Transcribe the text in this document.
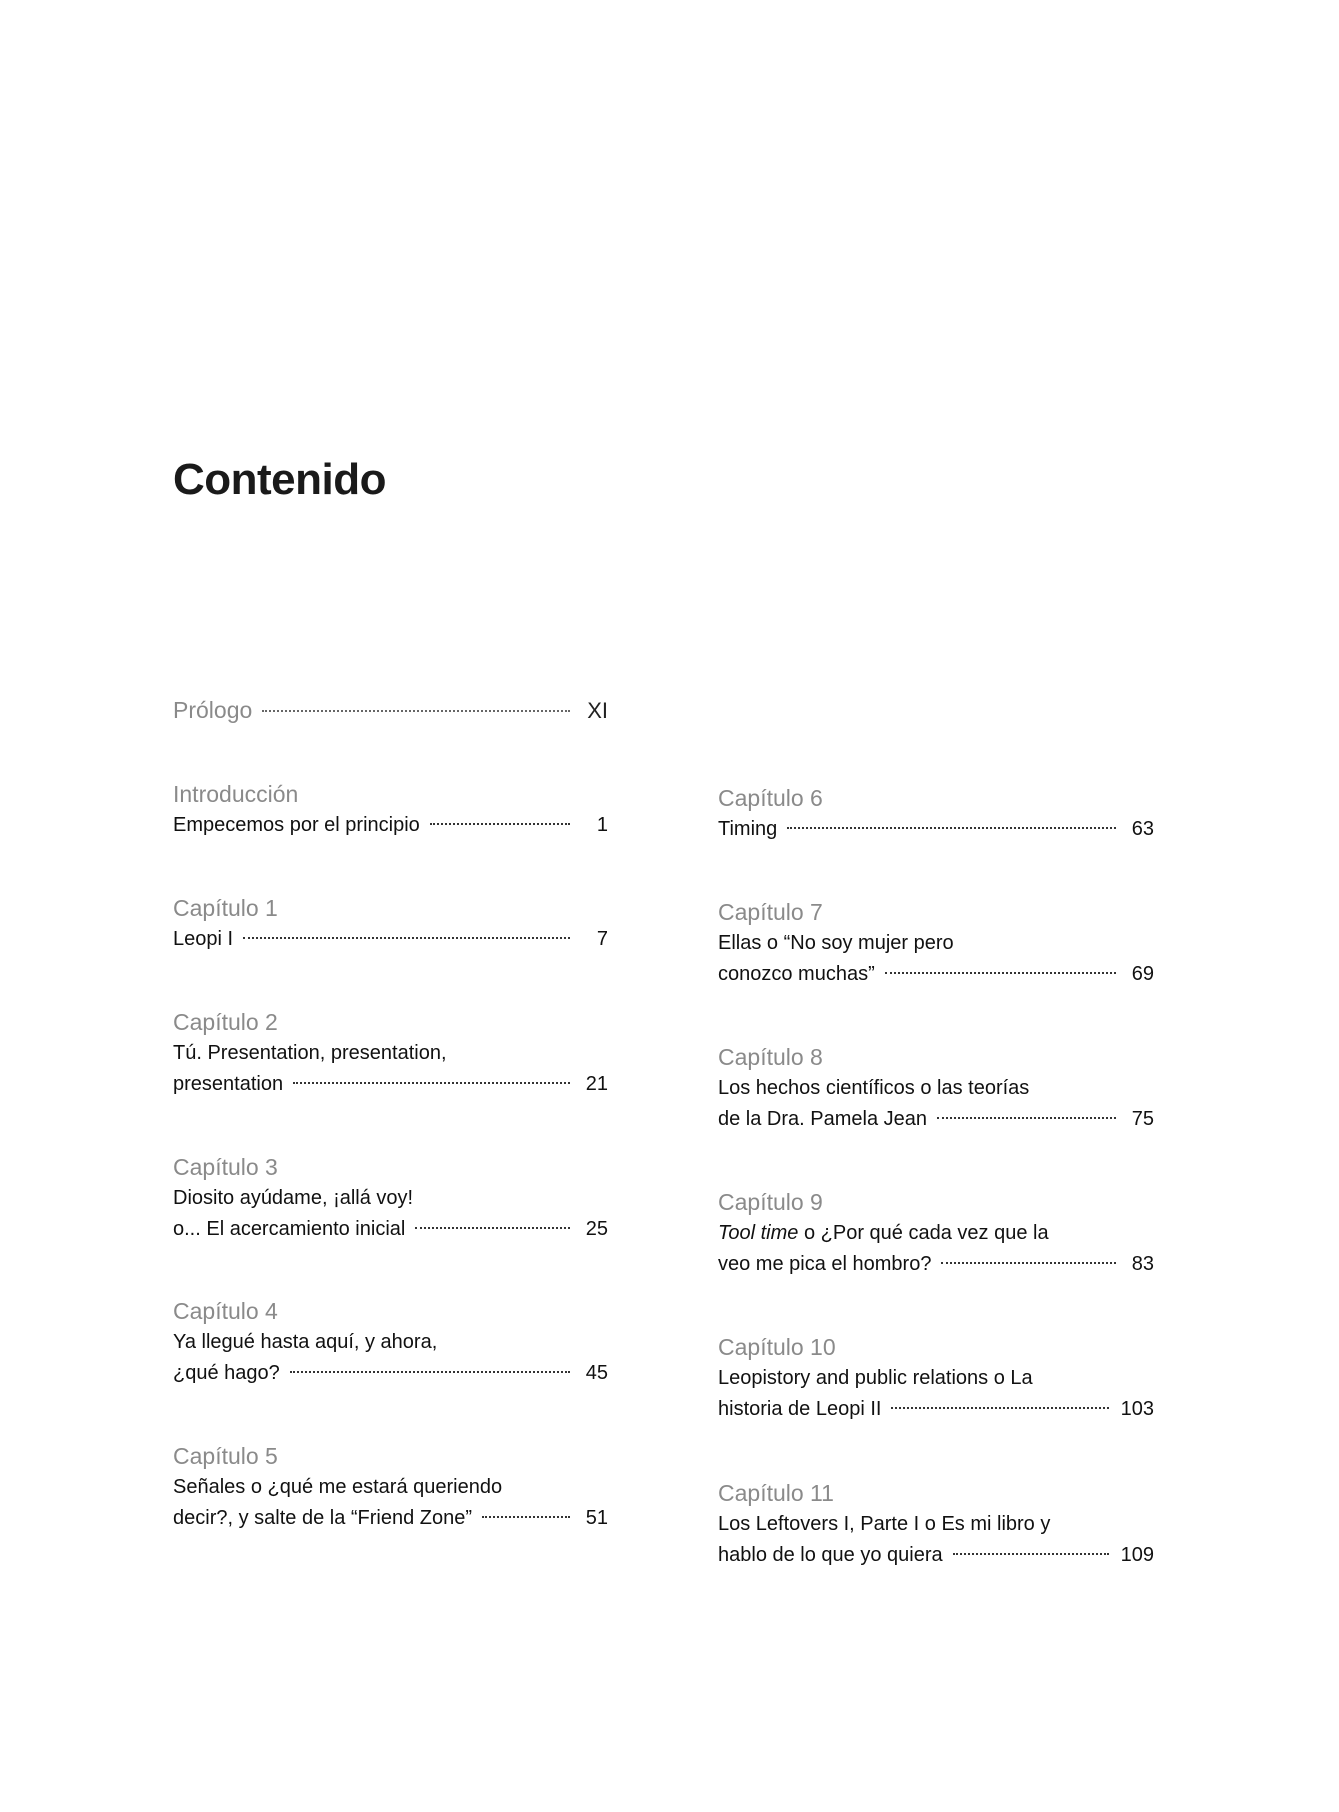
Contenido
Prólogo	XI
Introducción
Empecemos por el principio	1
Capítulo 1
Leopi I	7
Capítulo 2
Tú. Presentation, presentation,
presentation	21
Capítulo 3
Diosito ayúdame, ¡allá voy!
o... El acercamiento inicial	25
Capítulo 4
Ya llegué hasta aquí, y ahora,
¿qué hago?	45
Capítulo 5
Señales o ¿qué me estará queriendo
decir?, y salte de la “Friend Zone”	51
Capítulo 6
Timing	63
Capítulo 7
Ellas o “No soy mujer pero
conozco muchas”	69
Capítulo 8
Los hechos científicos o las teorías
de la Dra. Pamela Jean	75
Capítulo 9
Tool time o ¿Por qué cada vez que la
veo me pica el hombro?	83
Capítulo 10
Leopistory and public relations o La
historia de Leopi II	103
Capítulo 11
Los Leftovers I, Parte I o Es mi libro y
hablo de lo que yo quiera	109
